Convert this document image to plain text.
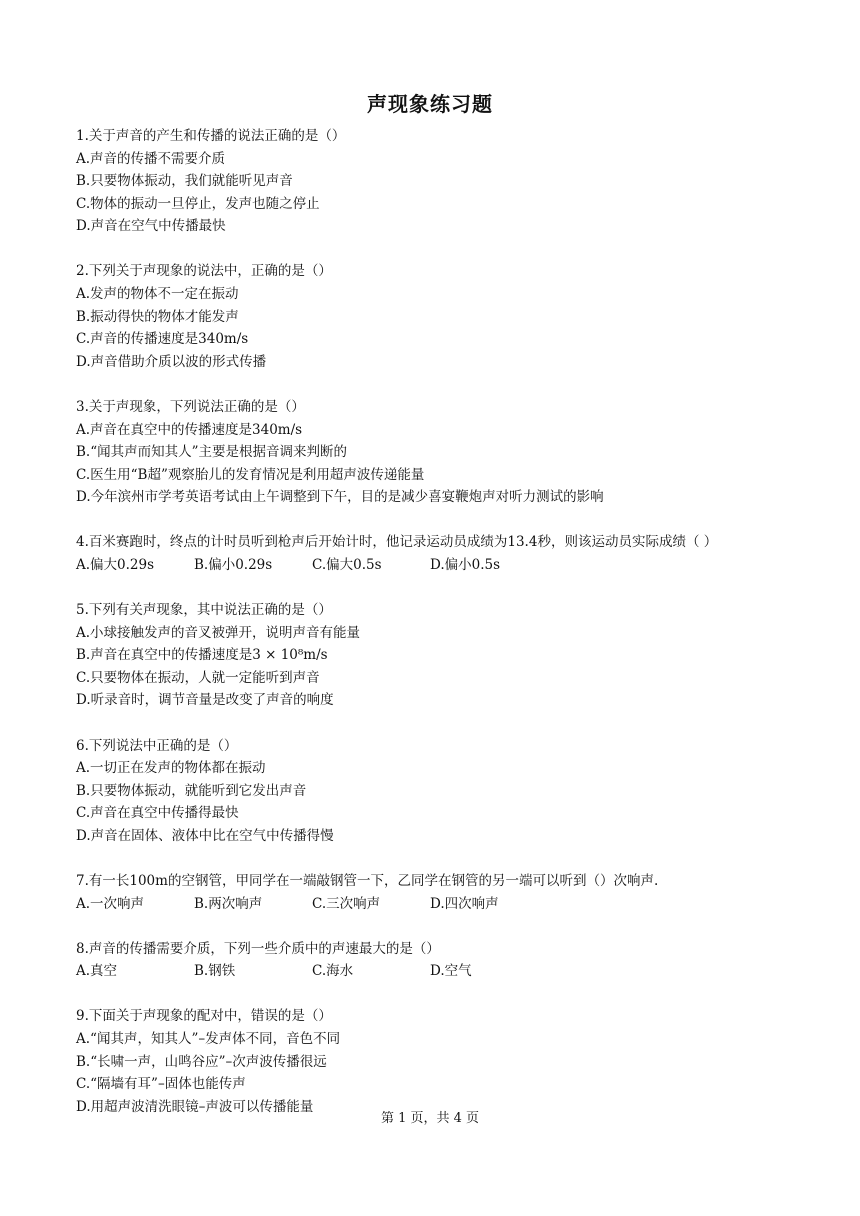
声现象练习题
1.关于声音的产生和传播的说法正确的是（）
A.声音的传播不需要介质
B.只要物体振动，我们就能听见声音
C.物体的振动一旦停止，发声也随之停止
D.声音在空气中传播最快
2.下列关于声现象的说法中，正确的是（）
A.发声的物体不一定在振动
B.振动得快的物体才能发声
C.声音的传播速度是340m/s
D.声音借助介质以波的形式传播
3.关于声现象，下列说法正确的是（）
A.声音在真空中的传播速度是340m/s
B.“闻其声而知其人”主要是根据音调来判断的
C.医生用“B超”观察胎儿的发育情况是利用超声波传递能量
D.今年滨州市学考英语考试由上午调整到下午，目的是减少喜宴鞭炮声对听力测试的影响
4.百米赛跑时，终点的计时员听到枪声后开始计时，他记录运动员成绩为13.4秒，则该运动员实际成绩（ ）
A.偏大0.29s	B.偏小0.29s	C.偏大0.5s	D.偏小0.5s
5.下列有关声现象，其中说法正确的是（）
A.小球接触发声的音叉被弹开，说明声音有能量
B.声音在真空中的传播速度是3 × 10⁸m/s
C.只要物体在振动，人就一定能听到声音
D.听录音时，调节音量是改变了声音的响度
6.下列说法中正确的是（）
A.一切正在发声的物体都在振动
B.只要物体振动，就能听到它发出声音
C.声音在真空中传播得最快
D.声音在固体、液体中比在空气中传播得慢
7.有一长100m的空钢管，甲同学在一端敲钢管一下，乙同学在钢管的另一端可以听到（）次响声.
A.一次响声	B.两次响声	C.三次响声	D.四次响声
8.声音的传播需要介质，下列一些介质中的声速最大的是（）
A.真空	B.钢铁	C.海水	D.空气
9.下面关于声现象的配对中，错误的是（）
A.“闻其声，知其人”–发声体不同，音色不同
B.“长啸一声，山鸣谷应”–次声波传播很远
C.“隔墙有耳”–固体也能传声
D.用超声波清洗眼镜–声波可以传播能量
第 1 页，共 4 页
